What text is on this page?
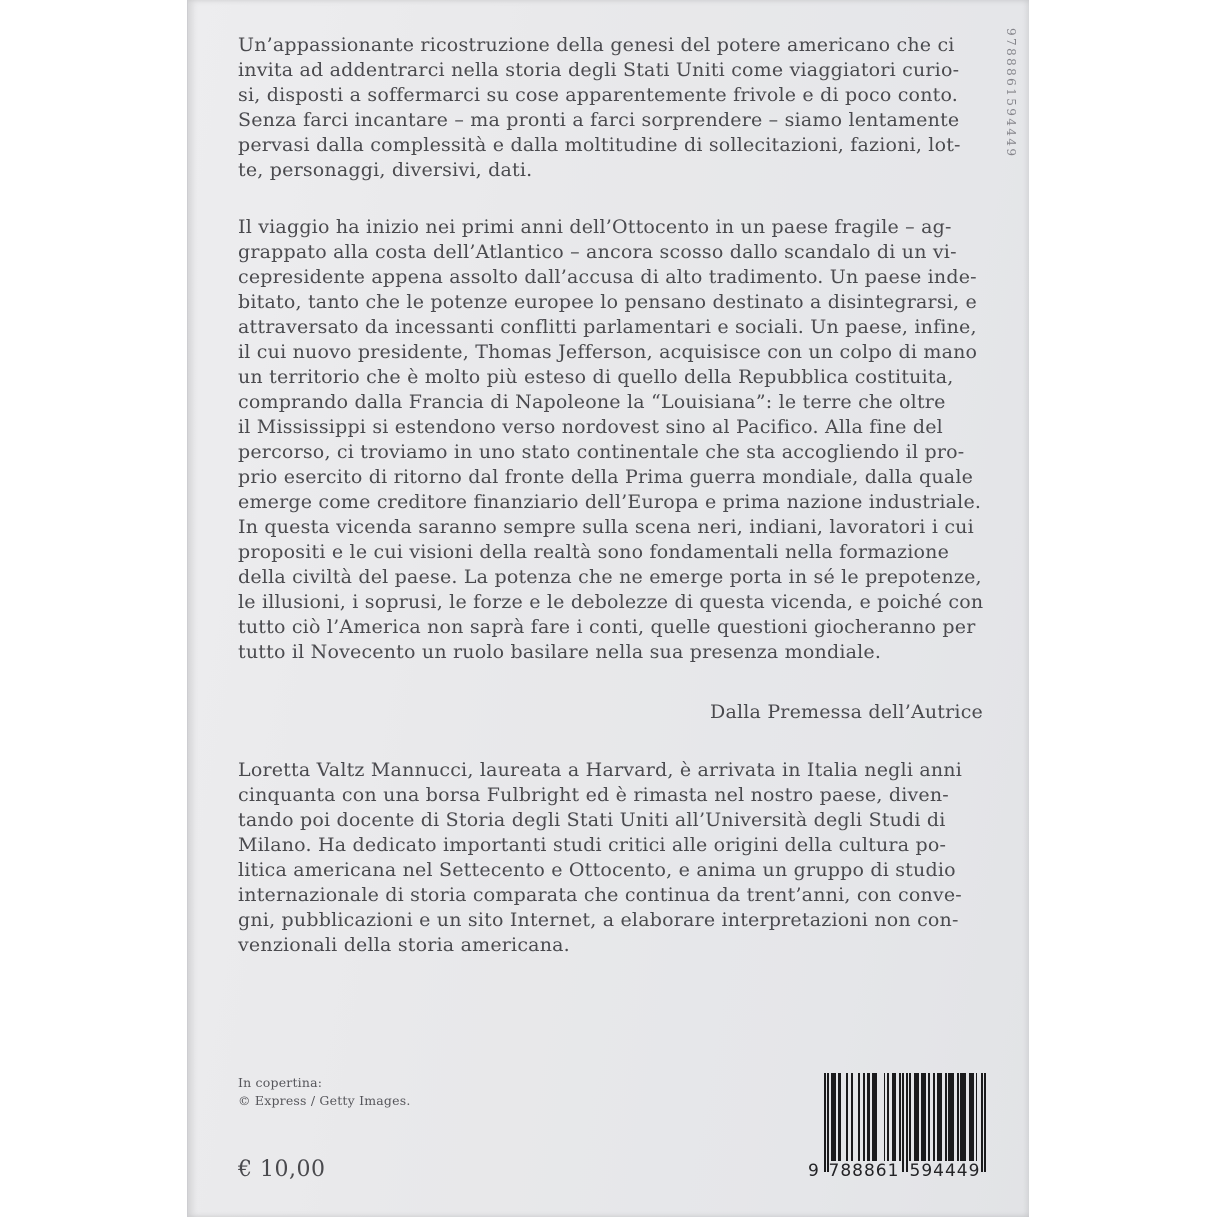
9788861594449
Un’appassionante ricostruzione della genesi del potere americano che ci
invita ad addentrarci nella storia degli Stati Uniti come viaggiatori curio-
si, disposti a soffermarci su cose apparentemente frivole e di poco conto.
Senza farci incantare – ma pronti a farci sorprendere – siamo lentamente
pervasi dalla complessità e dalla moltitudine di sollecitazioni, fazioni, lot-
te, personaggi, diversivi, dati.
Il viaggio ha inizio nei primi anni dell’Ottocento in un paese fragile – ag-
grappato alla costa dell’Atlantico – ancora scosso dallo scandalo di un vi-
cepresidente appena assolto dall’accusa di alto tradimento. Un paese inde-
bitato, tanto che le potenze europee lo pensano destinato a disintegrarsi, e
attraversato da incessanti conflitti parlamentari e sociali. Un paese, infine,
il cui nuovo presidente, Thomas Jefferson, acquisisce con un colpo di mano
un territorio che è molto più esteso di quello della Repubblica costituita,
comprando dalla Francia di Napoleone la “Louisiana”: le terre che oltre
il Mississippi si estendono verso nordovest sino al Pacifico. Alla fine del
percorso, ci troviamo in uno stato continentale che sta accogliendo il pro-
prio esercito di ritorno dal fronte della Prima guerra mondiale, dalla quale
emerge come creditore finanziario dell’Europa e prima nazione industriale.
In questa vicenda saranno sempre sulla scena neri, indiani, lavoratori i cui
propositi e le cui visioni della realtà sono fondamentali nella formazione
della civiltà del paese. La potenza che ne emerge porta in sé le prepotenze,
le illusioni, i soprusi, le forze e le debolezze di questa vicenda, e poiché con
tutto ciò l’America non saprà fare i conti, quelle questioni giocheranno per
tutto il Novecento un ruolo basilare nella sua presenza mondiale.
Dalla Premessa dell’Autrice
Loretta Valtz Mannucci, laureata a Harvard, è arrivata in Italia negli anni
cinquanta con una borsa Fulbright ed è rimasta nel nostro paese, diven-
tando poi docente di Storia degli Stati Uniti all’Università degli Studi di
Milano. Ha dedicato importanti studi critici alle origini della cultura po-
litica americana nel Settecento e Ottocento, e anima un gruppo di studio
internazionale di storia comparata che continua da trent’anni, con conve-
gni, pubblicazioni e un sito Internet, a elaborare interpretazioni non con-
venzionali della storia americana.
In copertina:
© Express / Getty Images.
€ 10,00	9 788861 594449
